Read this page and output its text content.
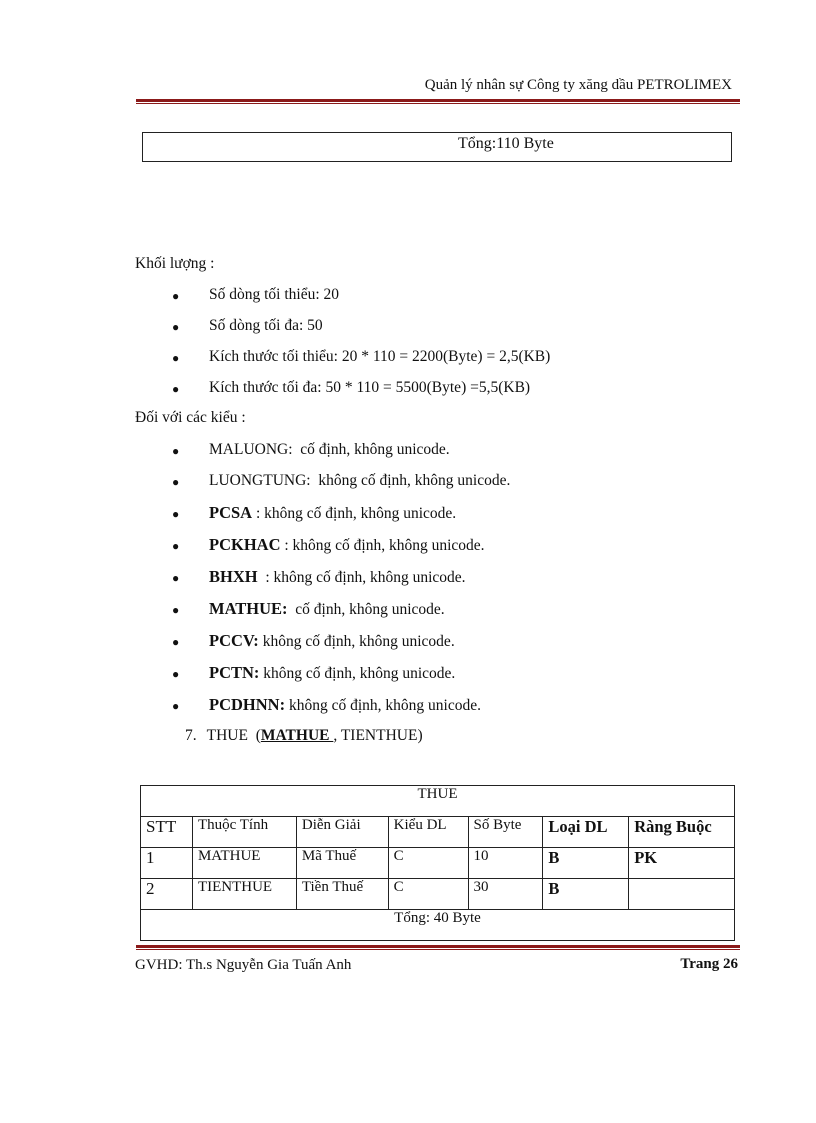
Quản lý nhân sự Công ty xăng dầu PETROLIMEX
Tổng:110 Byte
Khối lượng :
● Số dòng tối thiểu: 20
● Số dòng tối đa: 50
● Kích thước tối thiểu: 20 * 110 = 2200(Byte) = 2,5(KB)
● Kích thước tối đa: 50 * 110 = 5500(Byte) =5,5(KB)
Đối với các kiểu :
● MALUONG:  cố định, không unicode.
● LUONGTUNG:  không cố định, không unicode.
● PCSA : không cố định, không unicode.
● PCKHAC : không cố định, không unicode.
● BHXH  : không cố định, không unicode.
● MATHUE:  cố định, không unicode.
● PCCV: không cố định, không unicode.
● PCTN: không cố định, không unicode.
● PCDHNN: không cố định, không unicode.
7. THUE  (MATHUE , TIENTHUE)
THUE						
STT	Thuộc Tính	Diễn Giải	Kiểu DL	Số Byte	Loại DL	Ràng Buộc
1	MATHUE	Mã Thuế	C	10	B	PK
2	TIENTHUE	Tiền Thuế	C	30	B	
Tổng: 40 Byte						
GVHD: Th.s Nguyễn Gia Tuấn Anh	Trang 26
